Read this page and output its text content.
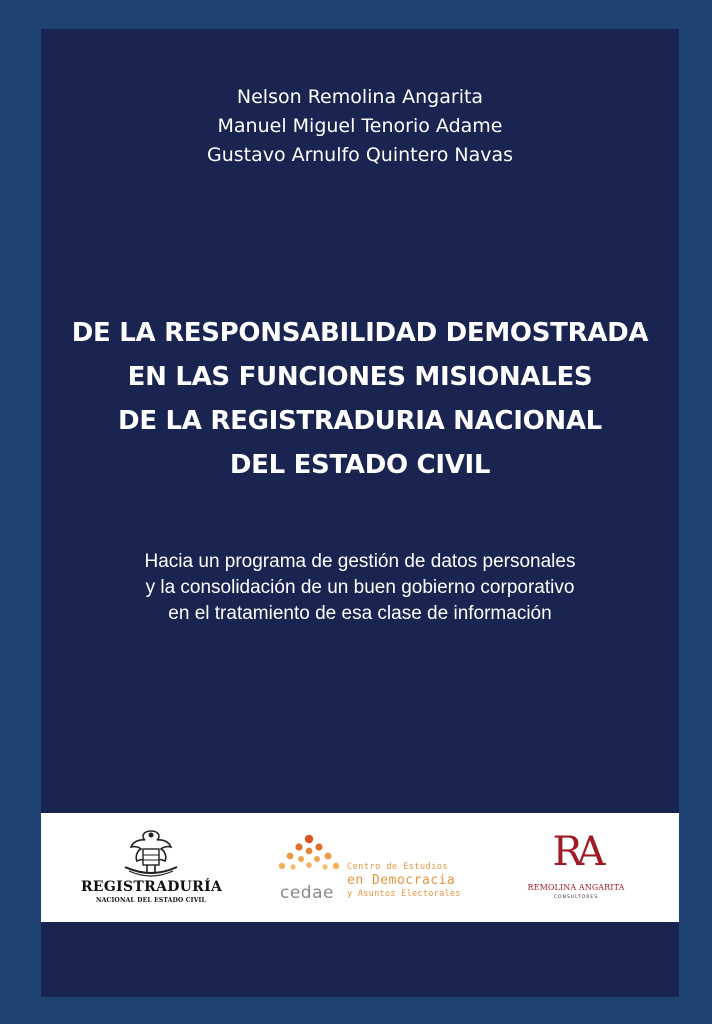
Nelson Remolina Angarita
Manuel Miguel Tenorio Adame
Gustavo Arnulfo Quintero Navas
DE LA RESPONSABILIDAD DEMOSTRADA
EN LAS FUNCIONES MISIONALES
DE LA REGISTRADURIA NACIONAL
DEL ESTADO CIVIL
Hacia un programa de gestión de datos personales
y la consolidación de un buen gobierno corporativo
en el tratamiento de esa clase de información
REGISTRADURÍA
NACIONAL DEL ESTADO CIVIL	cedae
Centro de Estudios
en Democracia
y Asuntos Electorales
RA
REMOLINA ANGARITA
CONSULTORES
